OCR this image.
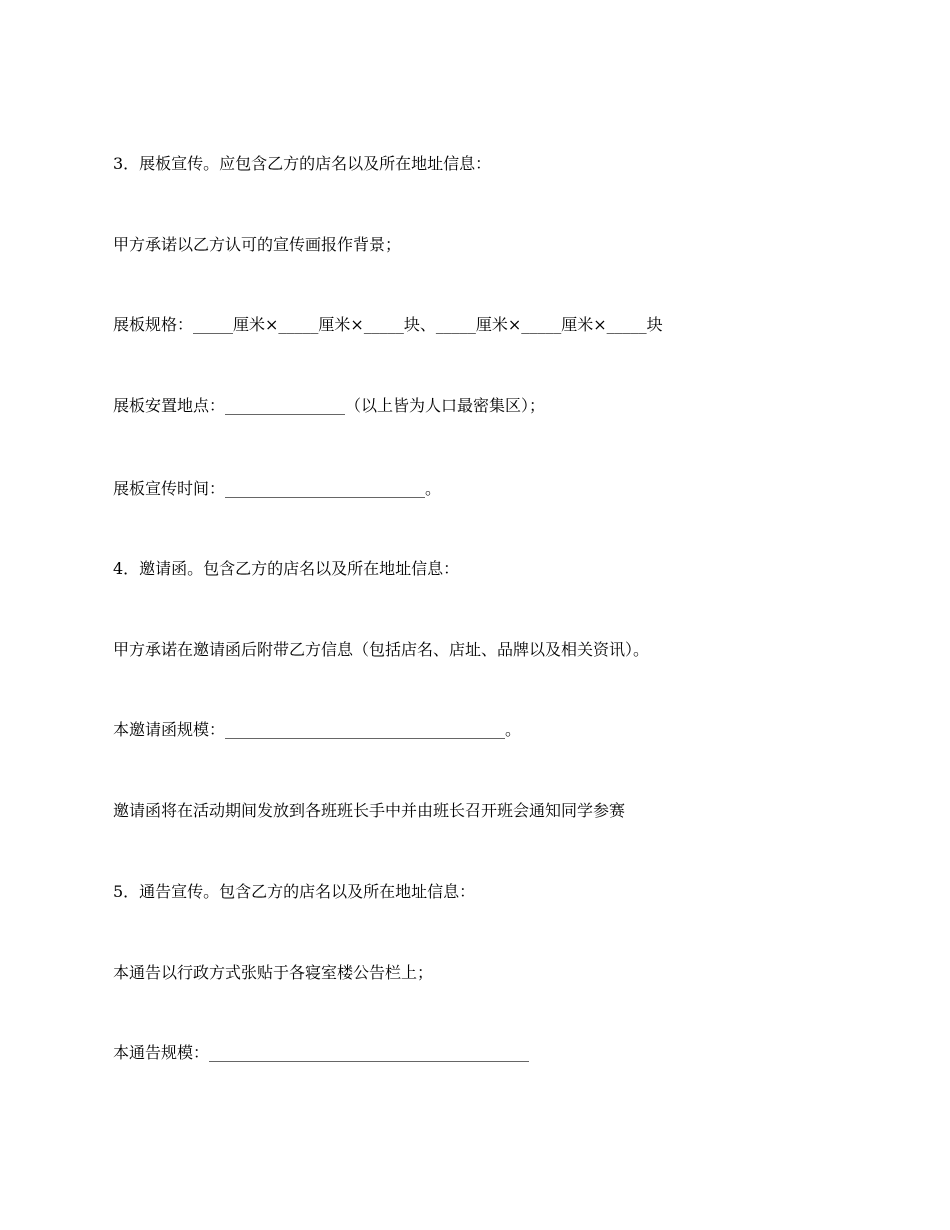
3．展板宣传。应包含乙方的店名以及所在地址信息：

甲方承诺以乙方认可的宣传画报作背景；

展板规格：_____厘米×_____厘米×_____块、_____厘米×_____厘米×_____块

展板安置地点：_______________（以上皆为人口最密集区）；

展板宣传时间：_________________________。

4．邀请函。包含乙方的店名以及所在地址信息：

甲方承诺在邀请函后附带乙方信息（包括店名、店址、品牌以及相关资讯）。

本邀请函规模：___________________________________。

邀请函将在活动期间发放到各班班长手中并由班长召开班会通知同学参赛

5．通告宣传。包含乙方的店名以及所在地址信息：

本通告以行政方式张贴于各寝室楼公告栏上；

本通告规模：________________________________________
